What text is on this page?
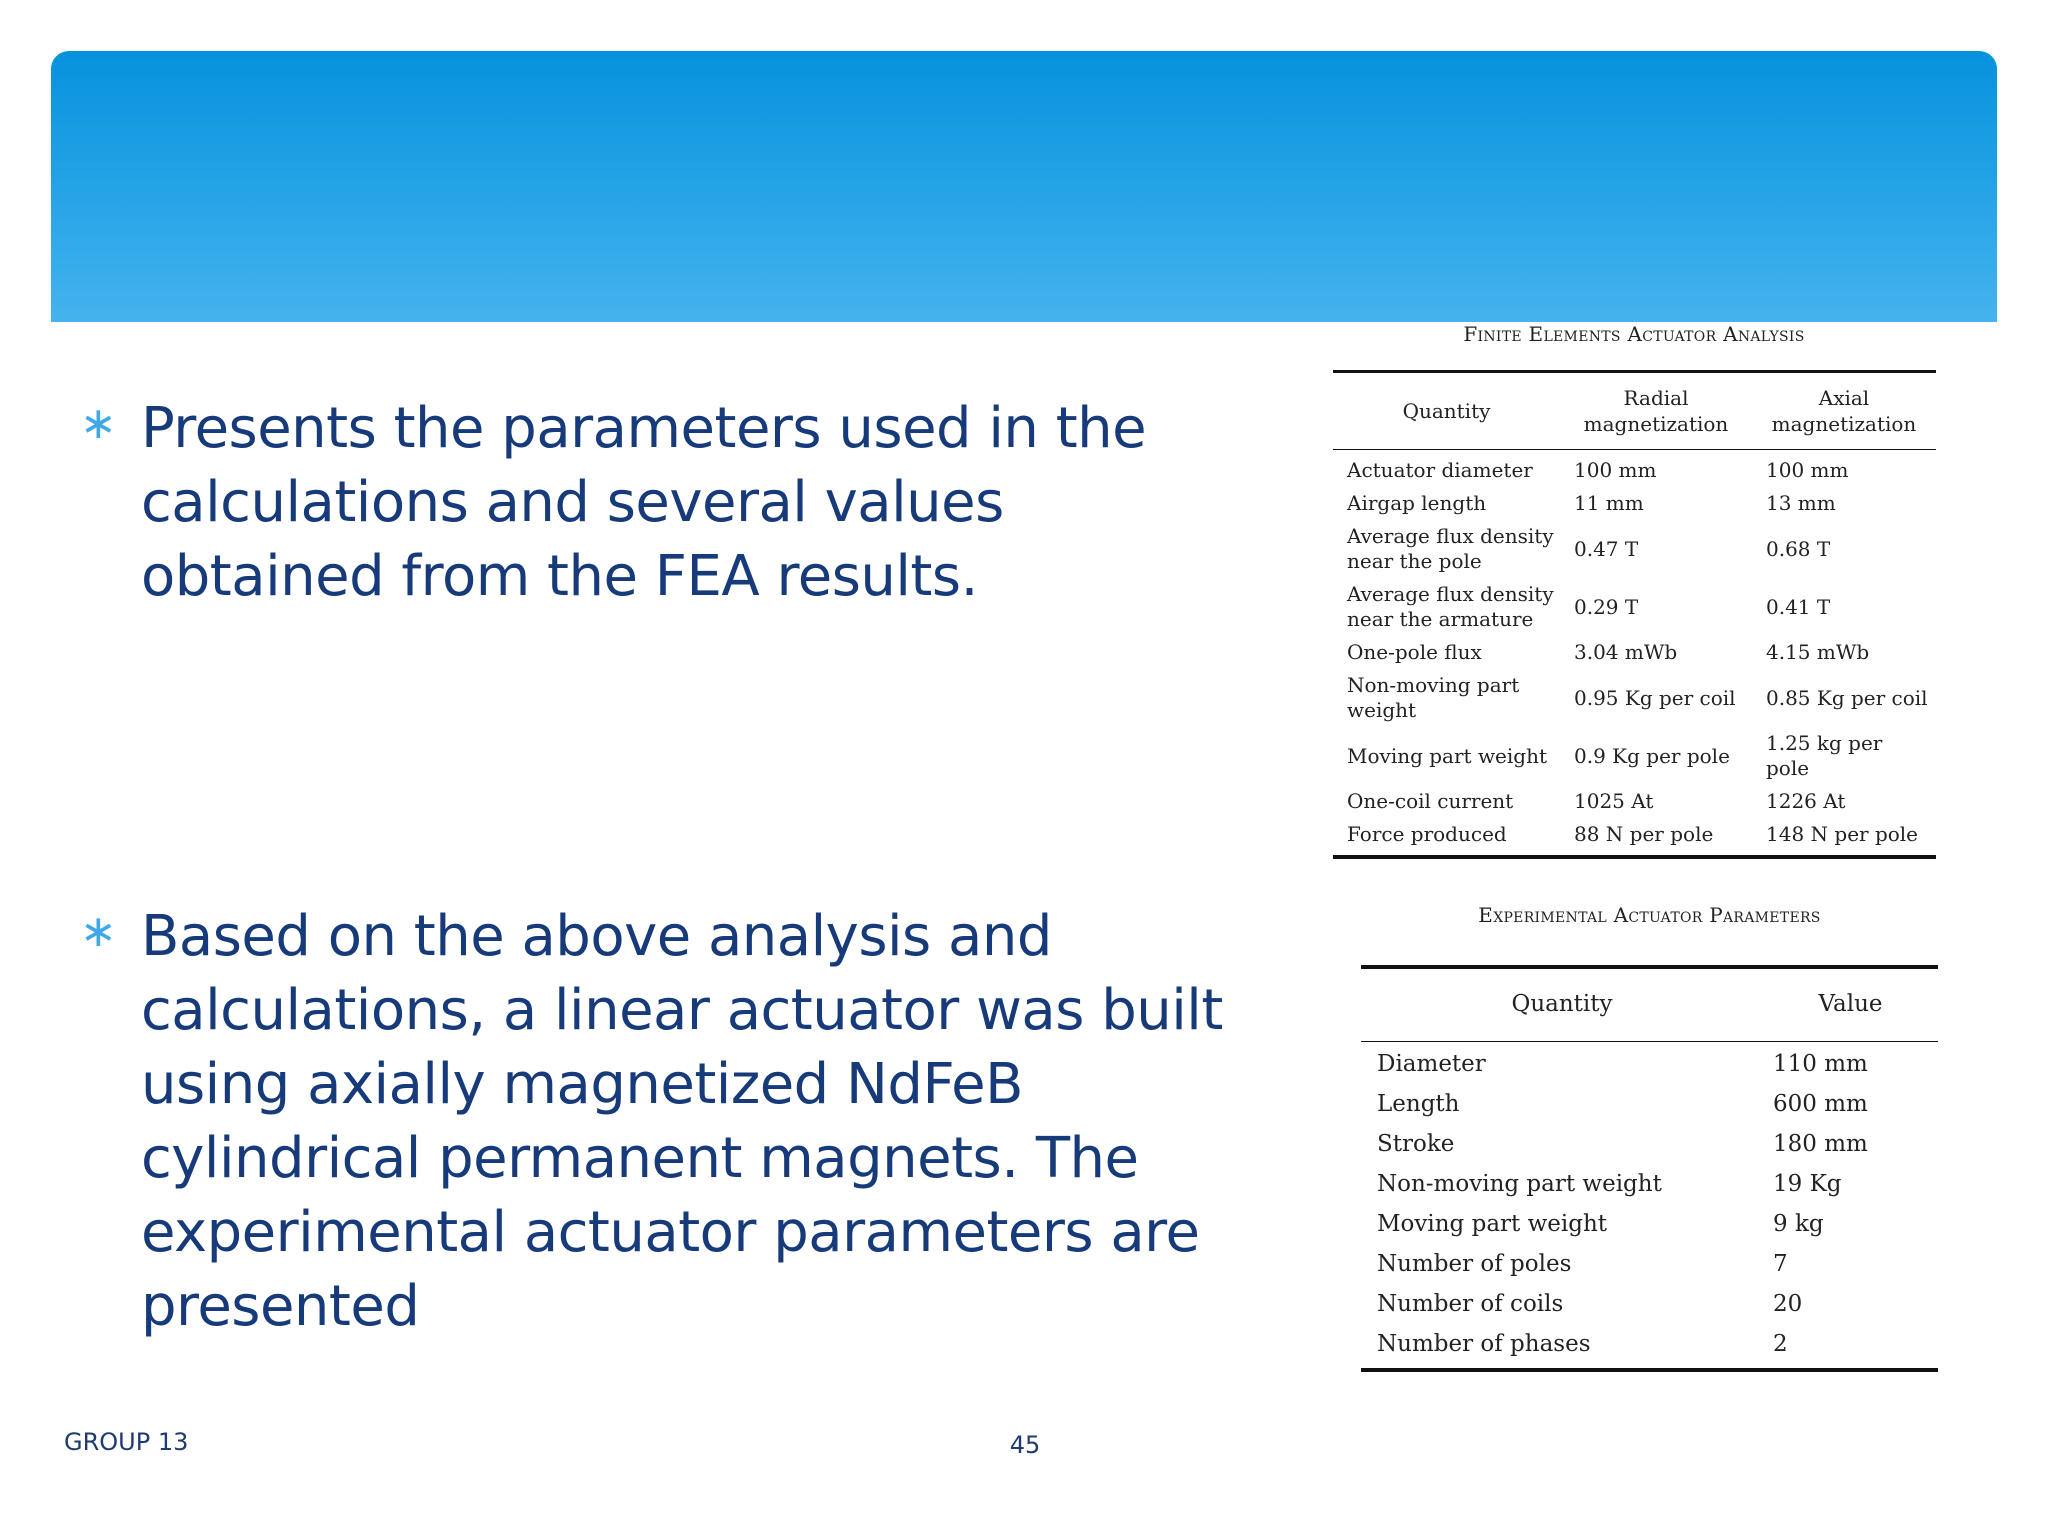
∗ Presents the parameters used in the calculations and several values obtained from the FEA results.
∗ Based on the above analysis and calculations, a linear actuator was built using axially magnetized NdFeB cylindrical permanent magnets. The experimental actuator parameters are presented
Finite Elements Actuator Analysis
Quantity	Radial magnetization	Axial magnetization
Actuator diameter	100 mm	100 mm
Airgap length	11 mm	13 mm
Average flux density near the pole	0.47 T	0.68 T
Average flux density near the armature	0.29 T	0.41 T
One-pole flux	3.04 mWb	4.15 mWb
Non-moving part weight	0.95 Kg per coil	0.85 Kg per coil
Moving part weight	0.9 Kg per pole	1.25 kg per pole
One-coil current	1025 At	1226 At
Force produced	88 N per pole	148 N per pole
Experimental Actuator Parameters
Quantity	Value
Diameter	110 mm
Length	600 mm
Stroke	180 mm
Non-moving part weight	19 Kg
Moving part weight	9 kg
Number of poles	7
Number of coils	20
Number of phases	2
GROUP 13	45
